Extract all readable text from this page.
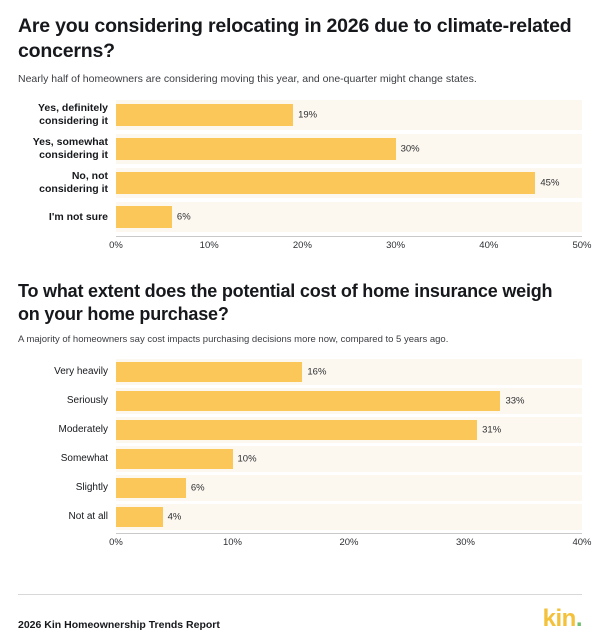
Are you considering relocating in 2026 due to climate-related concerns?

Nearly half of homeowners are considering moving this year, and one-quarter might change states.

Yes, definitely considering it	19%
Yes, somewhat considering it	30%
No, not considering it	45%
I'm not sure	6%
0%	10%	20%	30%	40%	50%
To what extent does the potential cost of home insurance weigh on your home purchase?

A majority of homeowners say cost impacts purchasing decisions more now, compared to 5 years ago.

Very heavily	16%
Seriously	33%
Moderately	31%
Somewhat	10%
Slightly	6%
Not at all	4%
0%	10%	20%	30%	40%
2026 Kin Homeownership Trends Report	kin.
